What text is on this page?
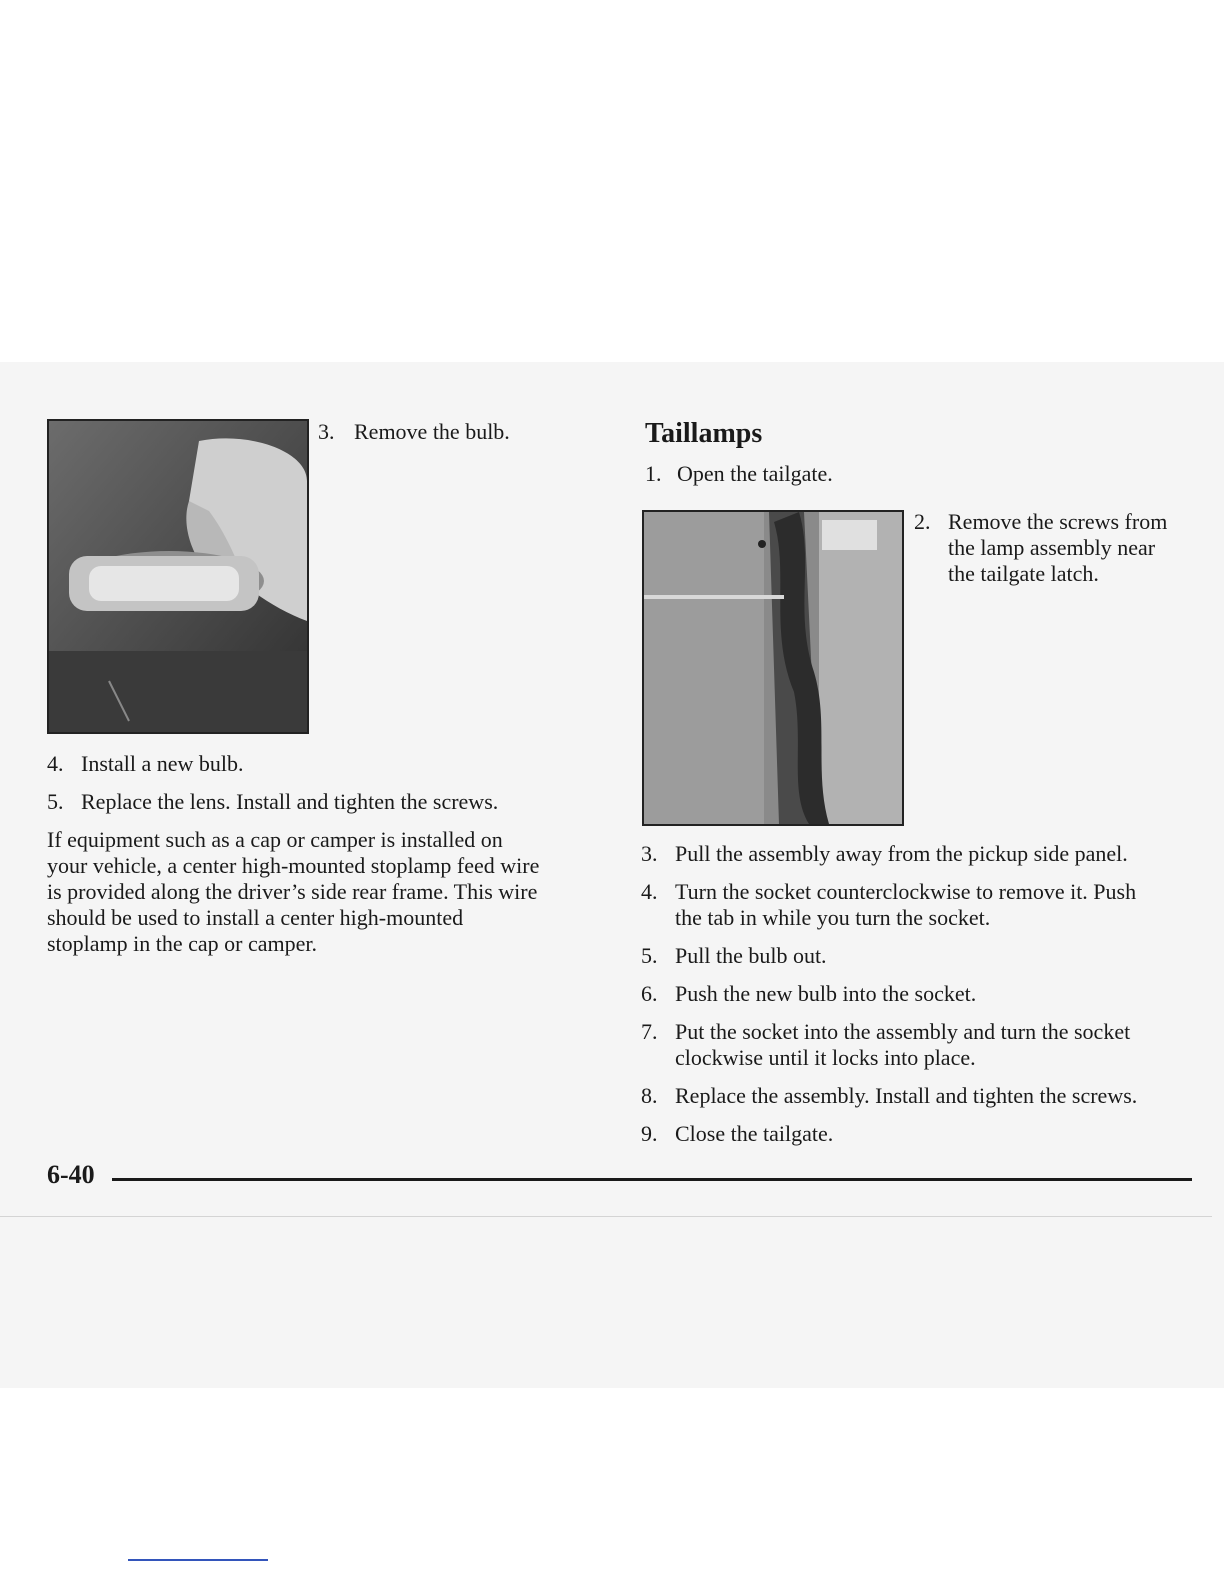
3. Remove the bulb.
4. Install a new bulb.
5. Replace the lens. Install and tighten the screws.
If equipment such as a cap or camper is installed on
your vehicle, a center high-mounted stoplamp feed wire
is provided along the driver’s side rear frame. This wire
should be used to install a center high-mounted
stoplamp in the cap or camper.
Taillamps
1. Open the tailgate.
2. Remove the screws from
the lamp assembly near
the tailgate latch.
3. Pull the assembly away from the pickup side panel.
4. Turn the socket counterclockwise to remove it. Push
the tab in while you turn the socket.
5. Pull the bulb out.
6. Push the new bulb into the socket.
7. Put the socket into the assembly and turn the socket
clockwise until it locks into place.
8. Replace the assembly. Install and tighten the screws.
9. Close the tailgate.
6-40
